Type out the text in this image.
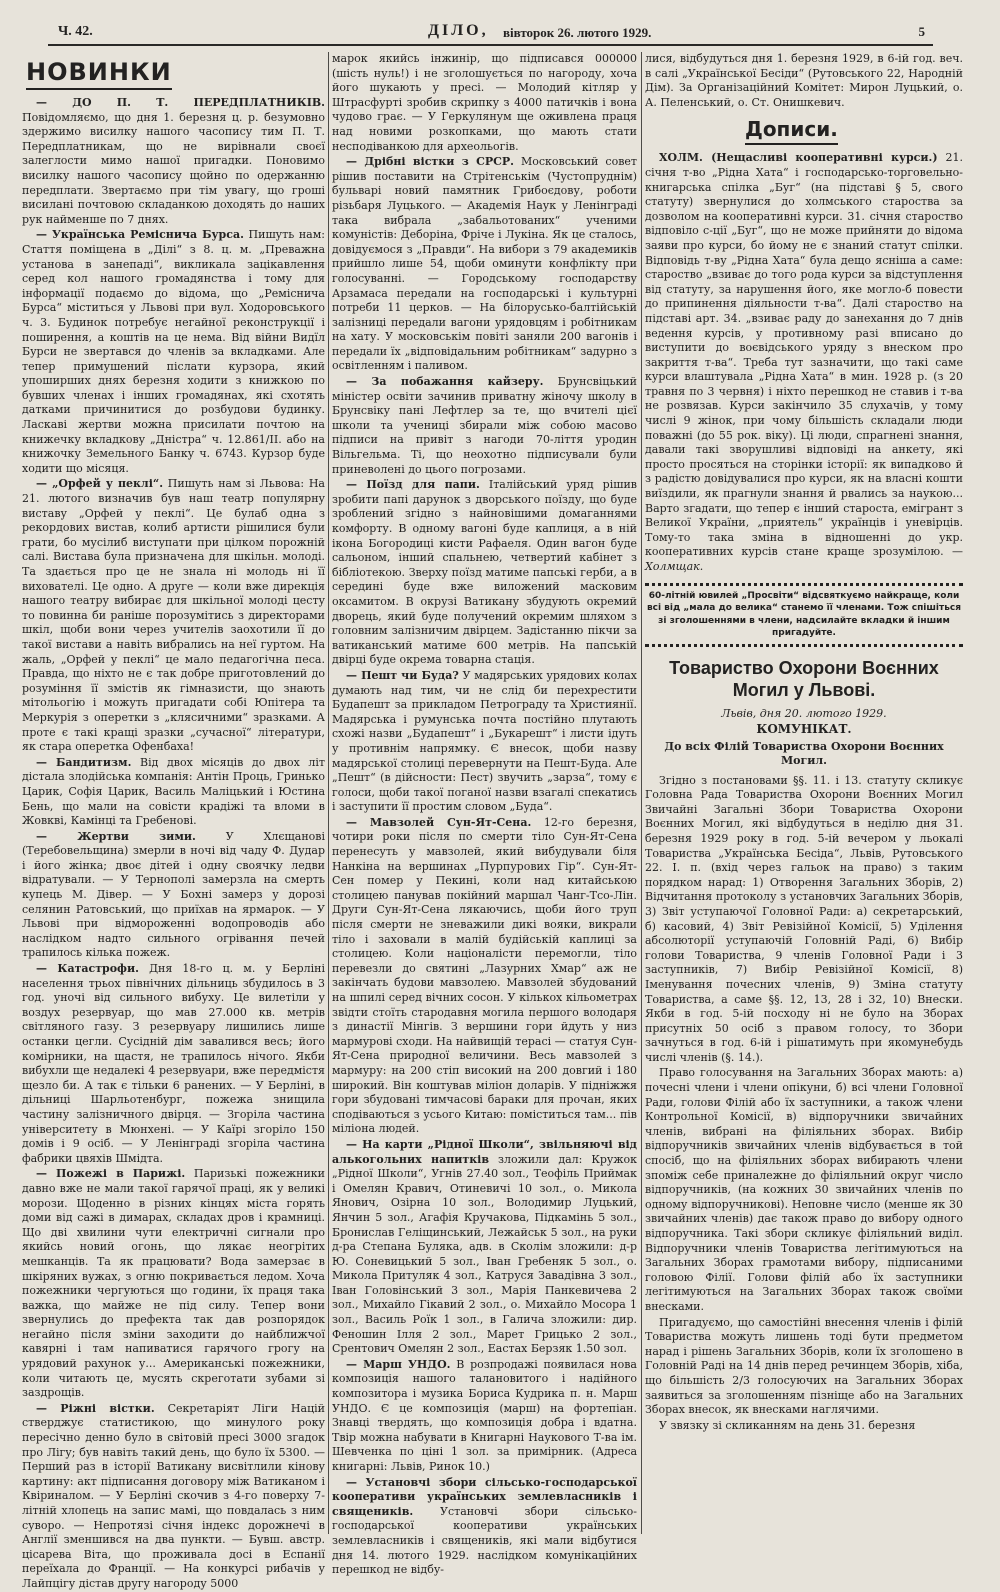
Ч. 42.	ДІЛО, вівторок 26. лютого 1929.	5
НОВИНКИ

— ДО П. Т. ПЕРЕДПЛАТНИКІВ. Повідомляємо, що дня 1. березня ц. р. безумовно здержимо висилку нашого часопису тим П. Т. Передплатникам, що не вирівнали своєї залеглости мимо нашої пригадки. Поновимо висилку нашого часопису щойно по одержанню передплати. Звертаємо при тім увагу, що гроші висилані почтовою складанкою доходять до наших рук найменше по 7 днях.

— Українська Реміснича Бурса. Пишуть нам: Стаття поміщена в „Ділі“ з 8. ц. м. „Преважна установа в занепаді“, викликала зацікавлення серед кол нашого громадянства і тому для інформації подаємо до відома, що „Реміснича Бурса“ міститься у Львові при вул. Ходоровського ч. 3. Будинок потребує негайної реконструкції і поширення, а коштів на це нема. Від війни Видїл Бурси не звертався до членів за вкладками. Але тепер примушений післати курзора, який упоширших днях березня ходити з книжкою по бувших членах і інших громадянах, які схотять датками причинитися до розбудови будинку. Ласкаві жертви можна присилати почтою на книжечку вкладкову „Дністра“ ч. 12.861/II. або на книжочку Земельного Банку ч. 6743. Курзор буде ходити що місяця.

— „Орфей у пеклі“. Пишуть нам зі Львова: На 21. лютого визначив був наш театр популярну виставу „Орфей у пеклі“. Це булаб одна з рекордових вистав, колиб артисти рішилися були грати, бо мусілиб виступати при цілком порожній салі. Вистава була призначена для шкільн. молоді. Та здається про це не знала ні молодь ні її вихователі. Це одно. А друге — коли вже дирекція нашого театру вибирає для шкільної молоді цесту то повинна би раніше порозумітись з директорами шкіл, щоби вони через учителів заохотили її до такої вистави а навіть вибрались на неї гуртом. На жаль, „Орфей у пеклі“ це мало педагогічна песа. Правда, що ніхто не є так добре приготовлений до розуміння її змістів як гімназисти, що знають мітольогію і можуть пригадати собі Юпітера та Меркурія з оперетки з „клясичними“ зразками. А проте є такі кращі зразки „сучасної“ літератури, як стара оперетка Офенбаха!

— Бандитизм. Від двох місяців до двох літ дістала злодійська компанія: Антін Проць, Гринько Царик, Софія Царик, Василь Маліцький і Юстина Бень, що мали на совісти крадіжі та вломи в Жовкві, Камінці та Гребенові.

— Жертви зими. У Хлєщанові (Теребовельщина) змерли в ночі від чаду Ф. Дудар і його жінка; двоє дітей і одну своячку ледви відратували. — У Тернополі замерзла на смерть купець М. Дівер. — У Бохні замерз у дорозі селянин Ратовський, що приїхав на ярмарок. — У Львові при відмороженні водопроводів або наслідком надто сильного огрівання печей трапилось кілька пожеж.

— Катастрофи. Дня 18-го ц. м. у Берліні населення трьох північних дільниць збудилось в 3 год. уночі від сильного вибуху. Це вилетіли у воздух резервуар, що мав 27.000 кв. метрів світляного газу. З резервуару лишились лише останки цегли. Сусідній дім завалився весь; його комірники, на щастя, не трапилось нічого. Якби вибухли ще недалекі 4 резервуари, вже передмістя щезло би. А так є тільки 6 ранених. — У Берліні, в дільниці Шарльотенбург, пожежа знищила частину залізничного двірця. — Згоріла частина університету в Мюнхені. — У Каїрі згоріло 150 домів і 9 осіб. — У Ленінграді згоріла частина фабрики цвяхів Шмідта.

— Пожежі в Парижі. Паризькі пожежники давно вже не мали такої гарячої праці, як у великі морози. Щоденно в різних кінцях міста горять доми від сажі в димарах, складах дров і крамниці. Що дві хвилини чути електричні сигнали про якийсь новий огонь, що лякає неогрітих мешканців. Та як працювати? Вода замерзає в шкіряних вужах, з огню покривається ледом. Хоча пожежники чергуються що години, їх праця така важка, що майже не під силу. Тепер вони звернулись до префекта так дав розпорядок негайно після зміни заходити до найближчої кавярні і там напиватися гарячого грогу на урядовий рахунок у... Американські пожежники, коли читають це, мусять скреготати зубами зі заздрощів.

— Ріжні вістки. Секретаріят Ліги Націй стверджує статистикою, що минулого року пересічно денно було в світовій пресі 3000 згадок про Лігу; був навіть такий день, що було їх 5300. — Перший раз в історії Ватикану висвітлили кінову картину: акт підписання договору між Ватиканом і Квіриналом. — У Берліні скочив з 4-го поверху 7-літній хлопець на запис мамі, що повдалась з ним суворо. — Непротязі січня індекс дорожнечі в Англії зменшився на два пункти. — Бувш. австр. цісарева Віта, що проживала досі в Еспанії переїхала до Франції. — На конкурсі рибачів у Лайпцігу дістав другу нагороду 5000

марок якийсь інжинір, що підписався 000000 (шість нуль!) і не зголошується по нагороду, хоча його шукають у пресі. — Молодий кітляр у Штрасфурті зробив скрипку з 4000 патичків і вона чудово грає. — У Геркулянум ще оживлена праця над новими розкопками, що мають стати несподіванкою для археольогів.

— Дрібні вістки з СРСР. Московський совет рішив поставити на Стрітенськім (Чустопруднім) бульварі новий памятник Грибоєдову, роботи різьбаря Луцького. — Академія Наук у Ленінграді така вибрала „забальотованих“ ученими комуністів: Деборіна, Фріче і Лукіна. Як це сталось, довідуємося з „Правди“. На вибори з 79 академиків прийшло лише 54, щоби оминути конфлікту при голосуванні. — Городському господарству Арзамаса передали на господарські і культурні потреби 11 церков. — На білорусько-балтійській залізниці передали вагони урядовцям і робітникам на хату. У московськім повіті заняли 200 вагонів і передали їх „відповідальним робітникам“ задурно з освітленням і паливом.

— За побажання кайзеру. Брунсвіцький міністер освіти зачинив приватну жіночу школу в Брунсвіку пані Лефтлер за те, що вчителі цієї школи та учениці збирали між собою масово підписи на привіт з нагоди 70-ліття уродин Вільгельма. Ті, що неохотно підписували були приневолені до цього погрозами.

— Поїзд для папи. Італійський уряд рішив зробити папі дарунок з дворського поїзду, що буде зроблений згідно з найновішими домаганнями комфорту. В одному вагоні буде каплиця, а в ній ікона Богородиці кисти Рафаеля. Один вагон буде сальоном, інший спальнею, четвертий кабінет з бібліотекою. Зверху поїзд матиме папські герби, а в середині буде вже виложений масковим оксамитом. В окрузі Ватикану збудують окремий дворець, який буде получений окремим шляхом з головним залізничим двірцем. Задістанню пікчи за ватиканський матиме 600 метрів. На папській двірці буде окрема товарна стація.

— Пешт чи Буда? У мадярських урядових колах думають над тим, чи не слід би перехрестити Будапешт за прикладом Петрограду та Християнії. Мадярська і румунська почта постійно плутають схожі назви „Будапешт“ і „Букарешт“ і листи ідуть у противнім напрямку. Є внесок, щоби назву мадярської столиці перевернути на Пешт-Буда. Але „Пешт“ (в дійсности: Пест) звучить „зарза“, тому є голоси, щоби такої поганої назви взагалі спекатись і заступити її простим словом „Буда“.

— Мавзолей Сун-Ят-Сена. 12-го березня, чотири роки після по смерти тіло Сун-Ят-Сена перенесуть у мавзолей, який вибудували біля Нанкіна на вершинах „Пурпурових Гір“. Сун-Ят-Сен помер у Пекині, коли над китайською столицею панував покійний маршал Чанг-Тсо-Лін. Други Сун-Ят-Сена лякаючись, щоби його труп після смерти не зневажили дикі вояки, викрали тіло і заховали в малій будійській каплиці за столицею. Коли націоналісти перемогли, тіло перевезли до святині „Лазурних Хмар“ аж не закінчать будови мавзолею. Мавзолей збудований на шпилі серед вічних сосон. У кількох кільометрах звідти стоїть стародавня могила першого володаря з династії Мінгів. З вершини гори йдуть у низ мармурові сходи. На найвищій терасі — статуя Сун-Ят-Сена природної величини. Весь мавзолей з мармуру: на 200 стіп високий на 200 довгий і 180 широкий. Він коштував міліон доларів. У підніжжя гори збудовані тимчасові бараки для прочан, яких сподіваються з усього Китаю: поміститься там... пів міліона людей.

— На карти „Рідної Школи“, звільняючі від алькогольних напитків зложили дал: Кружок „Рідної Школи“, Угнів 27.40 зол., Теофіль Приймак і Омелян Кравич, Отиневичі 10 зол., о. Микола Янович, Озірна 10 зол., Володимир Луцький, Янчин 5 зол., Агафія Кручакова, Підкамінь 5 зол., Бронислав Геліщинський, Лежайськ 5 зол., на руки д-ра Степана Буляка, адв. в Сколім зложили: д-р Ю. Соневицький 5 зол., Іван Гребеняк 5 зол., о. Микола Притуляк 4 зол., Катруся Завадівна 3 зол., Іван Головінський 3 зол., Марія Панкевичева 2 зол., Михайло Гікавий 2 зол., о. Михайло Мосора 1 зол., Василь Роїк 1 зол., в Галича зложили: дир. Феношин Ілля 2 зол., Марет Грицько 2 зол., Срентович Омелян 2 зол., Еастах Берзяк 1.50 зол.

— Марш УНДО. В розпродажі появилася нова композиція нашого талановитого і надійного композитора і музика Бориса Кудрика п. н. Марш УНДО. Є це композиція (марш) на фортепіан. Знавці твердять, що композиція добра і вдатна. Твір можна набувати в Книгарні Наукового Т-ва ім. Шевченка по ціні 1 зол. за примірник. (Адреса книгарні: Львів, Ринок 10.)

— Установчі збори сільсько-господарської кооперативи українських землевласників і священиків. Установчі збори сільсько-господарської кооперативи українських землевласників і священиків, які мали відбутися дня 14. лютого 1929. наслідком комунікаційних перешкод не відбу-

лися, відбудуться дня 1. березня 1929, в 6-ій год. веч. в салі „Української Бесіди“ (Рутовського 22, Народній Дім). За Організаційний Комітет: Мирон Луцький, о. А. Пеленський, о. Ст. Онишкевич.

Дописи.

ХОЛМ. (Нещасливі кооперативні курси.) 21. січня т-во „Рідна Хата“ і господарсько-торговельно-книгарська спілка „Буг“ (на підставі § 5, свого статуту) звернулися до холмського староства за дозволом на кооперативні курси. 31. січня староство відповіло с-ції „Буг“, що не може прийняти до відома заяви про курси, бо йому не є знаний статут спілки. Відповідь т-ву „Рідна Хата“ була дещо ясніша а саме: староство „взиває до того рода курси за відступлення від статуту, за нарушення його, яке могло-б повести до припинення діяльности т-ва“. Далі староство на підставі арт. 34. „взиває раду до занехання до 7 днів ведення курсів, у противному разі вписано до виступити до воєвідського уряду з внеском про закриття т-ва“. Треба тут зазначити, що такі саме курси влаштувала „Рідна Хата“ в мин. 1928 р. (з 20 травня по 3 червня) і ніхто перешкод не ставив і т-ва не розвязав. Курси закінчило 35 слухачів, у тому числі 9 жінок, при чому більшість складали люди поважні (до 55 рок. віку). Ці люди, спрагнені знання, давали такі зворушливі відповіді на анкету, які просто просяться на сторінки історії: як випадково й з радістю довідувалися про курси, як на власні кошти виїздили, як прагнули знання й рвались за наукою... Варто згадати, що тепер є інший староста, емігрант з Великої України, „приятель“ українців і уневірців. Тому-то така зміна в відношенні до укр. кооперативних курсів стане краще зрозумілою. — Холмщак.

60-літній ювилей „Просвіти“ відсвяткуємо найкраще, коли всі від „мала до велика“ станемо її членами. Тож спішіться зі зголошеннями в члени, надсилайте вкладки й іншим пригадуйте.
Товариство Охорони Воєнних Могил у Львові.
Львів, дня 20. лютого 1929.
КОМУНІКАТ.
До всіх Філій Товариства Охорони Воєнних Могил.

Згідно з постановами §§. 11. і 13. статуту скликує Головна Рада Товариства Охорони Воєнних Могил Звичайні Загальні Збори Товариства Охорони Воєнних Могил, які відбудуться в неділю дня 31. березня 1929 року в год. 5-ій вечером у льокалі Товариства „Українська Бесіда“, Львів, Рутовського 22. І. п. (вхід через гальок на право) з таким порядком нарад: 1) Отворення Загальних Зборів, 2) Відчитання протоколу з установчих Загальних Зборів, 3) Звіт уступаючої Головної Ради: а) секретарський, б) касовий, 4) Звіт Ревізійної Комісії, 5) Уділення абсолюторії уступаючій Головній Раді, 6) Вибір голови Товариства, 9 членів Головної Ради і 3 заступників, 7) Вибір Ревізійної Комісії, 8) Іменування почесних членів, 9) Зміна статуту Товариства, а саме §§. 12, 13, 28 і 32, 10) Внески. Якби в год. 5-ій посходу ні не було на Зборах присутніх 50 осіб з правом голосу, то Збори зачнуться в год. 6-ій і рішатимуть при якомунебудь числі членів (§. 14.).

Право голосування на Загальних Зборах мають: а) почесні члени і члени опікуни, б) всі члени Головної Ради, голови Філій або їх заступники, а також члени Контрольної Комісії, в) відпоручники звичайних членів, вибрані на філіяльних зборах. Вибір відпоручників звичайних членів відбувається в той спосіб, що на філіяльних зборах вибирають члени зпоміж себе приналежне до філіяльний округ число відпоручників, (на кожних 30 звичайних членів по одному відпоручникові). Неповне число (менше як 30 звичайних членів) дає також право до вибору одного відпоручника. Такі збори скликує філіяльний виділ. Відпоручники членів Товариства легітимуються на Загальних Зборах грамотами вибору, підписаними головою Філії. Голови філій або їх заступники легітимуються на Загальних Зборах також своїми внесками.

Пригадуємо, що самостійні внесення членів і філій Товариства можуть лишень тоді бути предметом нарад і рішень Загальних Зборів, коли їх зголошено в Головній Раді на 14 днів перед речинцем Зборів, хіба, що більшість 2/3 голосуючих на Загальних Зборах заявиться за зголошенням пізніще або на Загальних Зборах внесок, як внесками наглячими.

У звязку зі скликанням на день 31. березня
